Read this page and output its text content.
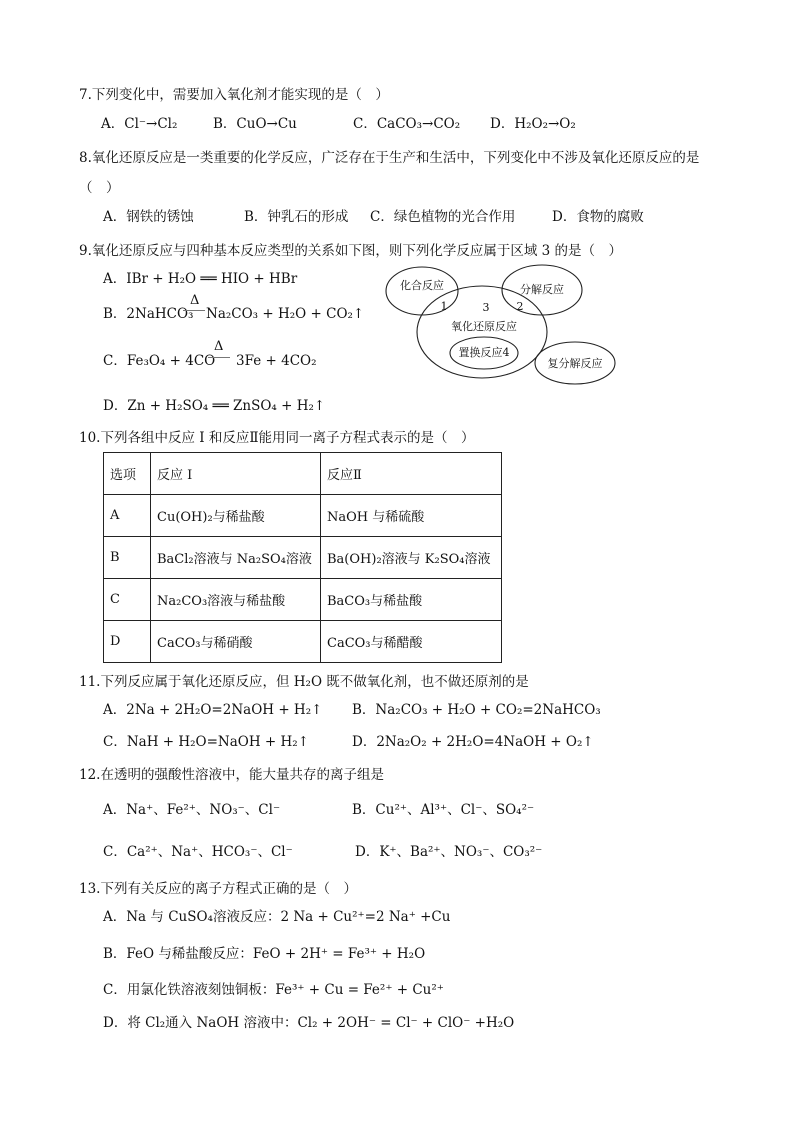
7.下列变化中，需要加入氧化剂才能实现的是（　）
A．Cl⁻→Cl₂	B．CuO→Cu	C．CaCO₃→CO₂ D．H₂O₂→O₂
8.氧化还原反应是一类重要的化学反应，广泛存在于生产和生活中，下列变化中不涉及氧化还原反应的是
（　）
A．钢铁的锈蚀	B．钟乳石的形成 C．绿色植物的光合作用	D．食物的腐败
9.氧化还原反应与四种基本反应类型的关系如下图，则下列化学反应属于区域 3 的是（　）
A．IBr + H₂O ══ HIO + HBr
B．2NaHCO₃
Δ
Na₂CO₃ + H₂O + CO₂↑
C．Fe₃O₄ + 4CO
Δ
3Fe + 4CO₂
D．Zn + H₂SO₄ ══ ZnSO₄ + H₂↑
化合反应	分解反应
氧化还原反应
置换反应4
复分解反应
1	2
3
10.下列各组中反应 I 和反应Ⅱ能用同一离子方程式表示的是（　）
选项	反应 I	反应Ⅱ
A	Cu(OH)₂与稀盐酸	NaOH 与稀硫酸
B	BaCl₂溶液与 Na₂SO₄溶液	Ba(OH)₂溶液与 K₂SO₄溶液
C	Na₂CO₃溶液与稀盐酸	BaCO₃与稀盐酸
D	CaCO₃与稀硝酸	CaCO₃与稀醋酸
11.下列反应属于氧化还原反应，但 H₂O 既不做氧化剂，也不做还原剂的是
A．2Na + 2H₂O=2NaOH + H₂↑ B．Na₂CO₃ + H₂O + CO₂=2NaHCO₃
C．NaH + H₂O=NaOH + H₂↑	D．2Na₂O₂ + 2H₂O=4NaOH + O₂↑
12.在透明的强酸性溶液中，能大量共存的离子组是
A．Na⁺、Fe²⁺、NO₃⁻、Cl⁻	B．Cu²⁺、Al³⁺、Cl⁻、SO₄²⁻
C．Ca²⁺、Na⁺、HCO₃⁻、Cl⁻	D．K⁺、Ba²⁺、NO₃⁻、CO₃²⁻
13.下列有关反应的离子方程式正确的是（　）
A．Na 与 CuSO₄溶液反应：2 Na + Cu²⁺=2 Na⁺ +Cu
B．FeO 与稀盐酸反应：FeO + 2H⁺ = Fe³⁺ + H₂O
C．用氯化铁溶液刻蚀铜板：Fe³⁺ + Cu = Fe²⁺ + Cu²⁺
D．将 Cl₂通入 NaOH 溶液中：Cl₂ + 2OH⁻ = Cl⁻ + ClO⁻ +H₂O
